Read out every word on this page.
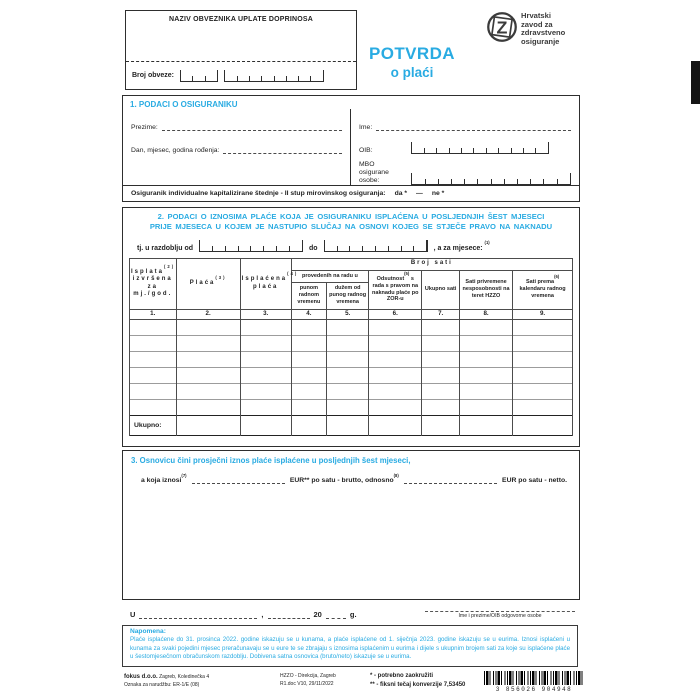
NAZIV OBVEZNIKA UPLATE DOPRINOSA
Broj obveze:
POTVRDA
o plaći
Z
Hrvatski
zavod za
zdravstveno
osiguranje
1. PODACI O OSIGURANIKU
Prezime:
Dan, mjesec, godina rođenja:
Ime:
OIB:
MBO
osigurane osobe:
Osiguranik individualne kapitalizirane štednje - II stup mirovinskog osiguranja: da * — ne *
2. PODACI O IZNOSIMA PLAĆE KOJA JE OSIGURANIKU ISPLAĆENA U POSLJEDNJIH ŠEST MJESECI
PRIJE MJESECA U KOJEM JE NASTUPIO SLUČAJ NA OSNOVI KOJEG SE STJEČE PRAVO NA NAKNADU
tj. u razdoblju od	do	, a za mjesece: $^{(1)}$
Isplata$^{(2)}$ izvršena za mj./god.	Plaća$^{(3)}$	Isplaćena$^{(4)}$ plaća	Broj sati					
			provedenih na radu u		Odsutnost$^{(5)}$ s rada s pravom na naknadu plaće po ZOR-u	Ukupno sati	Sati privremene nesposobnosti na teret HZZO	Sati prema$^{(6)}$ kalendaru radnog vremena
			punom radnom vremenu	dužem od punog radnog vremena				
1.	2.	3.	4.	5.	6.	7.	8.	9.

Ukupno:								
3. Osnovicu čini prosječni iznos plaće isplaćene u posljednjih šest mjeseci,
a koja iznosi$^{(7)}$
EUR** po satu - brutto, odnosno$^{(8)}$
EUR po satu - netto.
U	,	20	g.	Ime i prezime/OIB odgovorne osobe
Napomena:
Plaće isplaćene do 31. prosinca 2022. godine iskazuju se u kunama, a plaće isplaćene od 1. siječnja 2023. godine iskazuju se u eurima. Iznosi isplaćeni u kunama za svaki pojedini mjesec preračunavaju se u eure te se zbrajaju s iznosima isplaćenim u eurima i dijele s ukupnim brojem sati za koje su isplaćene plaće u šestomjesečnom obračunskom razdoblju. Dobivena satna osnovica (bruto/neto) iskazuje se u eurima.
fokus d.o.o. Zagreb, Koledinečka 4
Oznaka za narudžbu: ER-1/E (08)
HZZO - Direkcija, Zagreb
R1.doc V10, 29/11/2022
* - potrebno zaokružiti
** - fiksni tečaj konverzije 7,53450
3 856026 904948
